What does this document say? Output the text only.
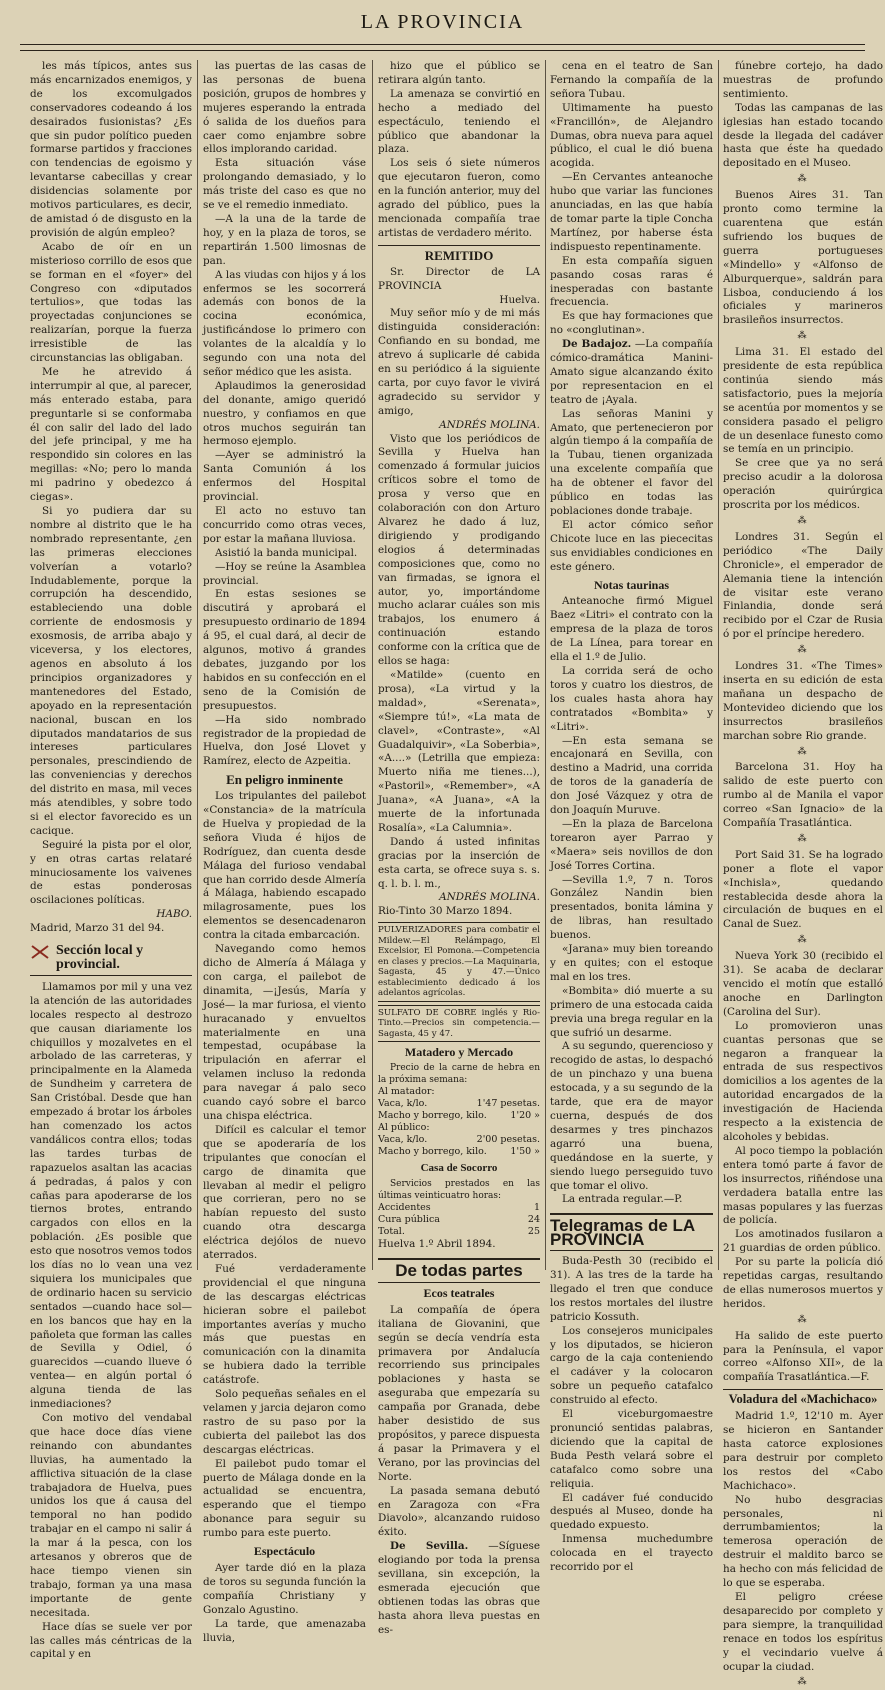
LA PROVINCIA

les más típicos, antes sus más encarnizados enemigos, y de los excomulgados conservadores codeando á los desairados fusionistas? ¿Es que sin pudor político pueden formarse partidos y fracciones con tendencias de egoismo y levantarse cabecillas y crear disidencias solamente por motivos particulares, es decir, de amistad ó de disgusto en la provisión de algún empleo?

Acabo de oír en un misterioso corrillo de esos que se forman en el «foyer» del Congreso con «diputados tertulios», que todas las proyectadas conjunciones se realizarían, porque la fuerza irresistible de las circunstancias las obligaban.

Me he atrevido á interrumpir al que, al parecer, más enterado estaba, para preguntarle si se conformaba él con salir del lado del lado del jefe principal, y me ha respondido sin colores en las megillas: «No; pero lo manda mi padrino y obedezco á ciegas».

Si yo pudiera dar su nombre al distrito que le ha nombrado representante, ¿en las primeras elecciones volverían a votarlo? Indudablemente, porque la corrupción ha descendido, estableciendo una doble corriente de endosmosis y exosmosis, de arriba abajo y viceversa, y los electores, agenos en absoluto á los principios organizadores y mantenedores del Estado, apoyado en la representación nacional, buscan en los diputados mandatarios de sus intereses particulares personales, prescindiendo de las conveniencias y derechos del distrito en masa, mil veces más atendibles, y sobre todo si el elector favorecido es un cacique.

Seguiré la pista por el olor, y en otras cartas relataré minuciosamente los vaivenes de estas ponderosas oscilaciones políticas.

HABO.
Madrid, Marzo 31 del 94.
Sección local y provincial.

Llamamos por mil y una vez la atención de las autoridades locales respecto al destrozo que causan diariamente los chiquillos y mozalvetes en el arbolado de las carreteras, y principalmente en la Alameda de Sundheim y carretera de San Cristóbal. Desde que han empezado á brotar los árboles han comenzado los actos vandálicos contra ellos; todas las tardes turbas de rapazuelos asaltan las acacias á pedradas, á palos y con cañas para apoderarse de los tiernos brotes, entrando cargados con ellos en la población. ¿Es posible que esto que nosotros vemos todos los días no lo vean una vez siquiera los municipales que de ordinario hacen su servicio sentados —cuando hace sol— en los bancos que hay en la pañoleta que forman las calles de Sevilla y Odiel, ó guarecidos —cuando llueve ó ventea— en algún portal ó alguna tienda de las inmediaciones?

Con motivo del vendabal que hace doce días viene reinando con abundantes lluvias, ha aumentado la afflictiva situación de la clase trabajadora de Huelva, pues unidos los que á causa del temporal no han podido trabajar en el campo ni salir á la mar á la pesca, con los artesanos y obreros que de hace tiempo vienen sin trabajo, forman ya una masa importante de gente necesitada.

Hace días se suele ver por las calles más céntricas de la capital y en

las puertas de las casas de las personas de buena posición, grupos de hombres y mujeres esperando la entrada ó salida de los dueños para caer como enjambre sobre ellos implorando caridad.

Esta situación váse prolongando demasiado, y lo más triste del caso es que no se ve el remedio inmediato.

—A la una de la tarde de hoy, y en la plaza de toros, se repartirán 1.500 limosnas de pan.

A las viudas con hijos y á los enfermos se les socorrerá además con bonos de la cocina económica, justificándose lo primero con volantes de la alcaldía y lo segundo con una nota del señor médico que les asista.

Aplaudimos la generosidad del donante, amigo queridó nuestro, y confiamos en que otros muchos seguirán tan hermoso ejemplo.

—Ayer se administró la Santa Comunión á los enfermos del Hospital provincial.

El acto no estuvo tan concurrido como otras veces, por estar la mañana lluviosa.

Asistió la banda municipal.

—Hoy se reúne la Asamblea provincial.

En estas sesiones se discutirá y aprobará el presupuesto ordinario de 1894 á 95, el cual dará, al decir de algunos, motivo á grandes debates, juzgando por los habidos en su confección en el seno de la Comisión de presupuestos.

—Ha sido nombrado registrador de la propiedad de Huelva, don José Llovet y Ramírez, electo de Azpeitia.

En peligro inminente

Los tripulantes del pailebot «Constancia» de la matrícula de Huelva y propiedad de la señora Viuda é hijos de Rodríguez, dan cuenta desde Málaga del furioso vendabal que han corrido desde Almería á Málaga, habiendo escapado milagrosamente, pues los elementos se desencadenaron contra la citada embarcación.

Navegando como hemos dicho de Almería á Málaga y con carga, el pailebot de dinamita, —¡Jesús, María y José— la mar furiosa, el viento huracanado y envueltos materialmente en una tempestad, ocupábase la tripulación en aferrar el velamen incluso la redonda para navegar á palo seco cuando cayó sobre el barco una chispa eléctrica.

Difícil es calcular el temor que se apoderaría de los tripulantes que conocían el cargo de dinamita que llevaban al medir el peligro que corrieran, pero no se habían repuesto del susto cuando otra descarga eléctrica dejólos de nuevo aterrados.

Fué verdaderamente providencial el que ninguna de las descargas eléctricas hicieran sobre el pailebot importantes averías y mucho más que puestas en comunicación con la dinamita se hubiera dado la terrible catástrofe.

Solo pequeñas señales en el velamen y jarcia dejaron como rastro de su paso por la cubierta del pailebot las dos descargas eléctricas.

El pailebot pudo tomar el puerto de Málaga donde en la actualidad se encuentra, esperando que el tiempo abonance para seguir su rumbo para este puerto.

Espectáculo

Ayer tarde dió en la plaza de toros su segunda función la compañía Christiany y Gonzalo Agustino.

La tarde, que amenazaba lluvia,

hizo que el público se retirara algún tanto.

La amenaza se convirtió en hecho a mediado del espectáculo, teniendo el público que abandonar la plaza.

Los seis ó siete números que ejecutaron fueron, como en la función anterior, muy del agrado del público, pues la mencionada compañía trae artistas de verdadero mérito.

REMITIDO

Sr. Director de LA PROVINCIA

Huelva.

Muy señor mío y de mi más distinguida consideración: Confiando en su bondad, me atrevo á suplicarle dé cabida en su periódico á la siguiente carta, por cuyo favor le vivirá agradecido su servidor y amigo,

ANDRÉS MOLINA.

Visto que los periódicos de Sevilla y Huelva han comenzado á formular juicios críticos sobre el tomo de prosa y verso que en colaboración con don Arturo Alvarez he dado á luz, dirigiendo y prodigando elogios á determinadas composiciones que, como no van firmadas, se ignora el autor, yo, importándome mucho aclarar cuáles son mis trabajos, los enumero á continuación estando conforme con la crítica que de ellos se haga:

«Matilde» (cuento en prosa), «La virtud y la maldad», «Serenata», «Siempre tú!», «La mata de clavel», «Contraste», «Al Guadalquivir», «La Soberbia», «A....» (Letrilla que empieza: Muerto niña me tienes...), «Pastoril», «Remember», «A Juana», «A Juana», «A la muerte de la infortunada Rosalía», «La Calumnia».

Dando á usted infinitas gracias por la inserción de esta carta, se ofrece suya s. s. q. l. b. l. m.,

ANDRÉS MOLINA.
Rio-Tinto 30 Marzo 1894.
PULVERIZADORES para combatir el Mildew.—El Relámpago, El Excelsior, El Pomona.—Competencia en clases y precios.—La Maquinaria, Sagasta, 45 y 47.—Único establecimiento dedicado á los adelantos agrícolas.
SULFATO DE COBRE inglés y Rio-Tinto.—Precios sin competencia.—Sagasta, 45 y 47.
Matadero y Mercado

Precio de la carne de hebra en la próxima semana:

Al matador:
Vaca, k/lo.	1'47 pesetas.
Macho y borrego, kilo. 1'20 »
Al público:
Vaca, k/lo.	2'00 pesetas.
Macho y borrego, kilo. 1'50 »
Casa de Socorro

Servicios prestados en las últimas veinticuatro horas:

Accidentes	1
Cura pública	24
Total.	25
Huelva 1.º Abril 1894.
De todas partes
Ecos teatrales

La compañía de ópera italiana de Giovanini, que según se decía vendría esta primavera por Andalucía recorriendo sus principales poblaciones y hasta se aseguraba que empezaría su campaña por Granada, debe haber desistido de sus propósitos, y parece dispuesta á pasar la Primavera y el Verano, por las provincias del Norte.

La pasada semana debutó en Zaragoza con «Fra Diavolo», alcanzando ruidoso éxito.

De Sevilla. —Síguese elogiando por toda la prensa sevillana, sin excepción, la esmerada ejecución que obtienen todas las obras que hasta ahora lleva puestas en es-

cena en el teatro de San Fernando la compañía de la señora Tubau.

Ultimamente ha puesto «Francillón», de Alejandro Dumas, obra nueva para aquel público, el cual le dió buena acogida.

—En Cervantes anteanoche hubo que variar las funciones anunciadas, en las que había de tomar parte la tiple Concha Martínez, por haberse ésta indispuesto repentinamente.

En esta compañía siguen pasando cosas raras é inesperadas con bastante frecuencia.

Es que hay formaciones que no «conglutinan».

De Badajoz. —La compañía cómico-dramática Manini-Amato sigue alcanzando éxito por representacion en el teatro de ¡Ayala.

Las señoras Manini y Amato, que pertenecieron por algún tiempo á la compañía de la Tubau, tienen organizada una excelente compañía que ha de obtener el favor del público en todas las poblaciones donde trabaje.

El actor cómico señor Chicote luce en las piececitas sus envidiables condiciones en este género.

Notas taurinas

Anteanoche firmó Miguel Baez «Litri» el contrato con la empresa de la plaza de toros de La Línea, para torear en ella el 1.º de Julio.

La corrida será de ocho toros y cuatro los diestros, de los cuales hasta ahora hay contratados «Bombita» y «Litri».

—En esta semana se encajonará en Sevilla, con destino a Madrid, una corrida de toros de la ganadería de don José Vázquez y otra de don Joaquín Muruve.

—En la plaza de Barcelona torearon ayer Parrao y «Maera» seis novillos de don José Torres Cortina.

—Sevilla 1.º, 7 n. Toros González Nandin bien presentados, bonita lámina y de libras, han resultado buenos.

«Jarana» muy bien toreando y en quites; con el estoque mal en los tres.

«Bombita» dió muerte a su primero de una estocada caida previa una brega regular en la que sufrió un desarme.

A su segundo, querencioso y recogido de astas, lo despachó de un pinchazo y una buena estocada, y a su segundo de la tarde, que era de mayor cuerna, después de dos desarmes y tres pinchazos agarró una buena, quedándose en la suerte, y siendo luego perseguido tuvo que tomar el olivo.

La entrada regular.—P.

Telegramas de LA PROVINCIA

Buda-Pesth 30 (recibido el 31). A las tres de la tarde ha llegado el tren que conduce los restos mortales del ilustre patricio Kossuth.

Los consejeros municipales y los diputados, se hicieron cargo de la caja conteniendo el cadáver y la colocaron sobre un pequeño catafalco construido al efecto.

El viceburgomaestre pronunció sentidas palabras, diciendo que la capital de Buda Pesth velará sobre el catafalco como sobre una reliquia.

El cadáver fué conducido después al Museo, donde ha quedado expuesto.

Inmensa muchedumbre colocada en el trayecto recorrido por el

fúnebre cortejo, ha dado muestras de profundo sentimiento.

Todas las campanas de las iglesias han estado tocando desde la llegada del cadáver hasta que éste ha quedado depositado en el Museo.

⁂

Buenos Aires 31. Tan pronto como termine la cuarentena que están sufriendo los buques de guerra portugueses «Mindello» y «Alfonso de Alburquerque», saldrán para Lisboa, conduciendo á los oficiales y marineros brasileños insurrectos.

⁂

Lima 31. El estado del presidente de esta república continúa siendo más satisfactorio, pues la mejoría se acentúa por momentos y se considera pasado el peligro de un desenlace funesto como se temía en un principio.

Se cree que ya no será preciso acudir a la dolorosa operación quirúrgica proscrita por los médicos.

⁂

Londres 31. Según el periódico «The Daily Chronicle», el emperador de Alemania tiene la intención de visitar este verano Finlandia, donde será recibido por el Czar de Rusia ó por el príncipe heredero.

⁂

Londres 31. «The Times» inserta en su edición de esta mañana un despacho de Montevideo diciendo que los insurrectos brasileños marchan sobre Rio grande.

⁂

Barcelona 31. Hoy ha salido de este puerto con rumbo al de Manila el vapor correo «San Ignacio» de la Compañía Trasatlántica.

⁂

Port Said 31. Se ha logrado poner a flote el vapor «Inchisla», quedando restablecida desde ahora la circulación de buques en el Canal de Suez.

⁂

Nueva York 30 (recibido el 31). Se acaba de declarar vencido el motín que estalló anoche en Darlington (Carolina del Sur).

Lo promovieron unas cuantas personas que se negaron a franquear la entrada de sus respectivos domicilios a los agentes de la autoridad encargados de la investigación de Hacienda respecto a la existencia de alcoholes y bebidas.

Al poco tiempo la población entera tomó parte á favor de los insurrectos, riñéndose una verdadera batalla entre las masas populares y las fuerzas de policía.

Los amotinados fusilaron a 21 guardias de orden público.

Por su parte la policía dió repetidas cargas, resultando de ellas numerosos muertos y heridos.

⁂

Ha salido de este puerto para la Península, el vapor correo «Alfonso XII», de la compañía Trasatlántica.—F.

Voladura del «Machichaco»

Madrid 1.º, 12'10 m. Ayer se hicieron en Santander hasta catorce explosiones para destruir por completo los restos del «Cabo Machichaco».

No hubo desgracias personales, ni derrumbamientos; la temerosa operación de destruir el maldito barco se ha hecho con más felicidad de lo que se esperaba.

El peligro créese desaparecido por completo y para siempre, la tranquilidad renace en todos los espíritus y el vecindario vuelve á ocupar la ciudad.

⁂
